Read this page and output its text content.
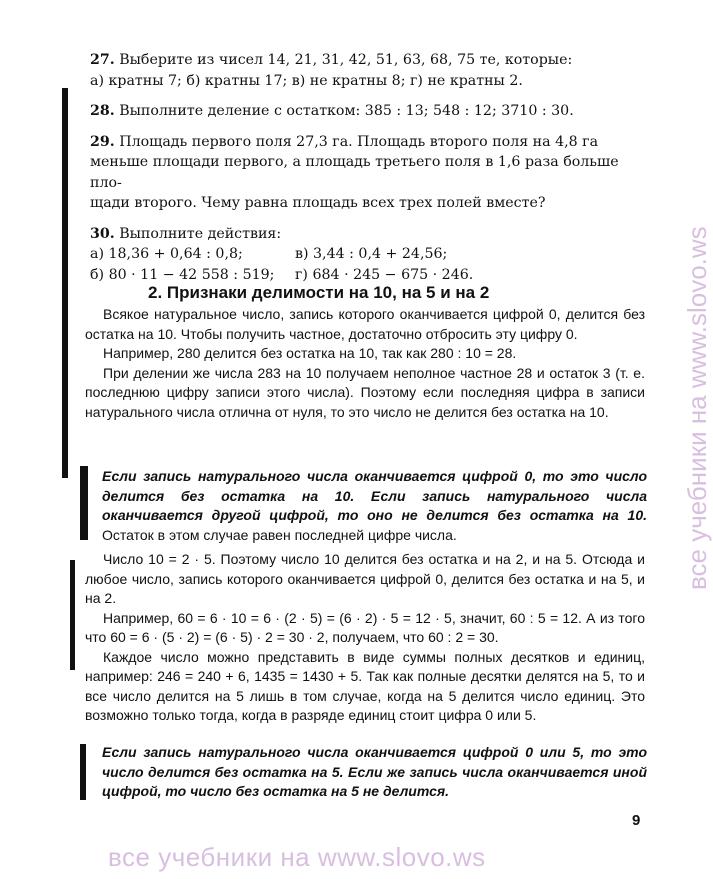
27. Выберите из чисел 14, 21, 31, 42, 51, 63, 68, 75 те, которые:

а) кратны 7; б) кратны 17; в) не кратны 8; г) не кратны 2.

28. Выполните деление с остатком: 385 : 13; 548 : 12; 3710 : 30.

29. Площадь первого поля 27,3 га. Площадь второго поля на 4,8 га

меньше площади первого, а площадь третьего поля в 1,6 раза больше пло-

щади второго. Чему равна площадь всех трех полей вместе?

30. Выполните действия:

а) 18,36 + 0,64 : 0,8;	в) 3,44 : 0,4 + 24,56;

б) 80 · 11 − 42 558 : 519;	г) 684 · 245 − 675 · 246.

2. Признаки делимости на 10, на 5 и на 2

Всякое натуральное число, запись которого оканчивается цифрой 0, делится без остатка на 10. Чтобы получить частное, достаточно отбросить эту цифру 0.

Например, 280 делится без остатка на 10, так как 280 : 10 = 28.

При делении же числа 283 на 10 получаем неполное частное 28 и остаток 3 (т. е. последнюю цифру записи этого числа). Поэтому если последняя цифра в записи натурального числа отлична от нуля, то это число не делится без остатка на 10.

Если запись натурального числа оканчивается цифрой 0, то это число делится без остатка на 10. Если запись натурального числа оканчивается другой цифрой, то оно не делится без остатка на 10. Остаток в этом случае равен последней цифре числа.

Число 10 = 2 · 5. Поэтому число 10 делится без остатка и на 2, и на 5. Отсюда и любое число, запись которого оканчивается цифрой 0, делится без остатка и на 5, и на 2.

Например, 60 = 6 · 10 = 6 · (2 · 5) = (6 · 2) · 5 = 12 · 5, значит, 60 : 5 = 12. А из того что 60 = 6 · (5 · 2) = (6 · 5) · 2 = 30 · 2, получаем, что 60 : 2 = 30.

Каждое число можно представить в виде суммы полных десятков и единиц, например: 246 = 240 + 6, 1435 = 1430 + 5. Так как полные десятки делятся на 5, то и все число делится на 5 лишь в том случае, когда на 5 делится число единиц. Это возможно только тогда, когда в разряде единиц стоит цифра 0 или 5.

Если запись натурального числа оканчивается цифрой 0 или 5, то это число делится без остатка на 5. Если же запись числа оканчивается иной цифрой, то число без остатка на 5 не делится.

9
все учебники на www.slovo.ws
все учебники на www.slovo.ws
